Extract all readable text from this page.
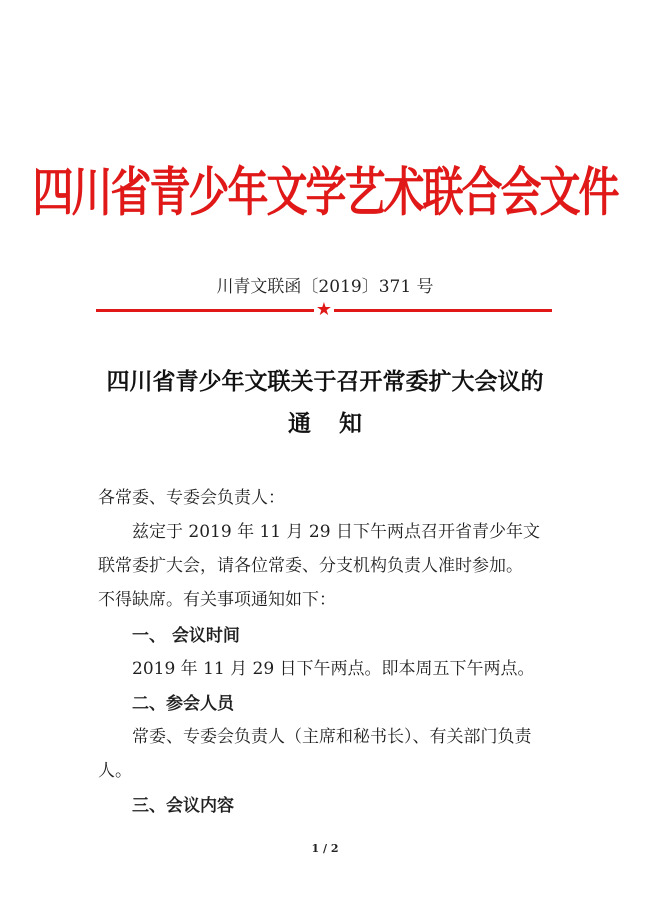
四川省青少年文学艺术联合会文件
川青文联函〔2019〕371 号
★
四川省青少年文联关于召开常委扩大会议的
通 知
各常委、专委会负责人：
兹定于 2019 年 11 月 29 日下午两点召开省青少年文
联常委扩大会，请各位常委、分支机构负责人准时参加。
不得缺席。有关事项通知如下：
一、 会议时间
2019 年 11 月 29 日下午两点。即本周五下午两点。
二、参会人员
常委、专委会负责人（主席和秘书长）、有关部门负责
人。
三、会议内容
1 / 2
